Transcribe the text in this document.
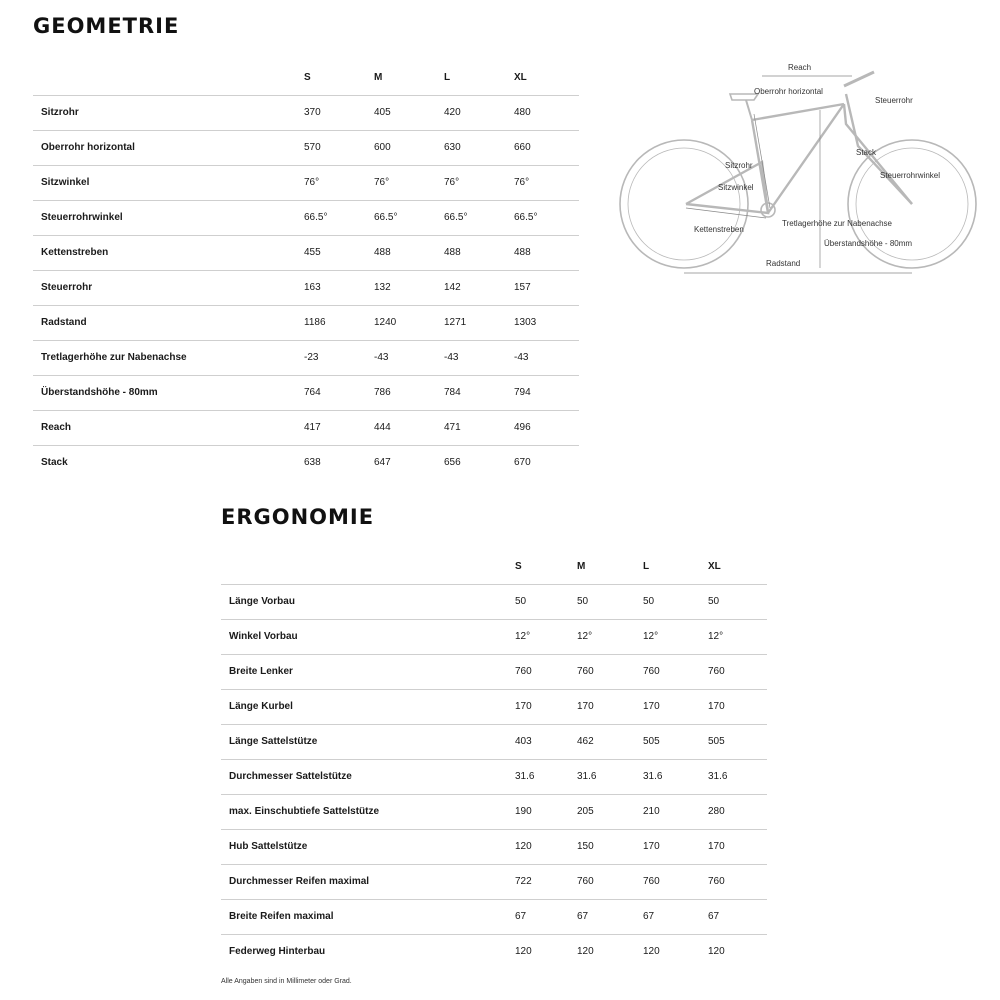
GEOMETRIE
	S	M	L	XL
Sitzrohr	370	405	420	480
Oberrohr horizontal	570	600	630	660
Sitzwinkel	76°	76°	76°	76°
Steuerrohrwinkel	66.5°	66.5°	66.5°	66.5°
Kettenstreben	455	488	488	488
Steuerrohr	163	132	142	157
Radstand	1186	1240	1271	1303
Tretlagerhöhe zur Nabenachse	-23	-43	-43	-43
Überstandshöhe - 80mm	764	786	784	794
Reach	417	444	471	496
Stack	638	647	656	670
Reach
Oberrohr horizontal
Steuerrohr
Stack
Sitzrohr
Sitzwinkel
Steuerrohrwinkel
Kettenstreben
Tretlagerhöhe zur Nabenachse
Überstandshöhe - 80mm
Radstand
ERGONOMIE
	S	M	L	XL
Länge Vorbau	50	50	50	50
Winkel Vorbau	12°	12°	12°	12°
Breite Lenker	760	760	760	760
Länge Kurbel	170	170	170	170
Länge Sattelstütze	403	462	505	505
Durchmesser Sattelstütze	31.6	31.6	31.6	31.6
max. Einschubtiefe Sattelstütze	190	205	210	280
Hub Sattelstütze	120	150	170	170
Durchmesser Reifen maximal	722	760	760	760
Breite Reifen maximal	67	67	67	67
Federweg Hinterbau	120	120	120	120

Alle Angaben sind in Millimeter oder Grad.
